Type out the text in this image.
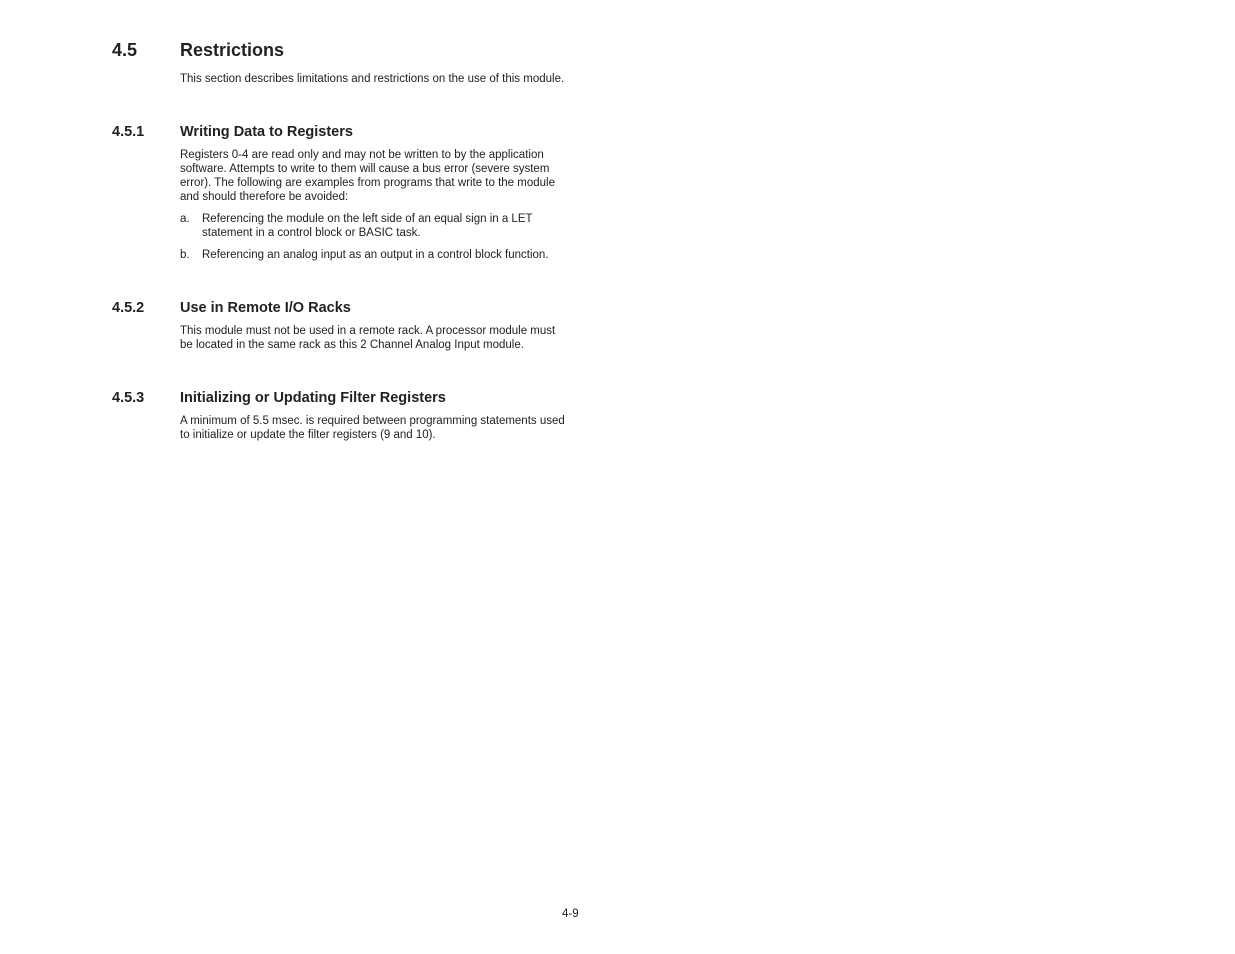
4.5 Restrictions
This section describes limitations and restrictions on the use of this module.
4.5.1 Writing Data to Registers
Registers 0-4 are read only and may not be written to by the application software. Attempts to write to them will cause a bus error (severe system error). The following are examples from programs that write to the module and should therefore be avoided:
a. Referencing the module on the left side of an equal sign in a LET statement in a control block or BASIC task.
b. Referencing an analog input as an output in a control block function.
4.5.2 Use in Remote I/O Racks
This module must not be used in a remote rack. A processor module must be located in the same rack as this 2 Channel Analog Input module.
4.5.3 Initializing or Updating Filter Registers
A minimum of 5.5 msec. is required between programming statements used to initialize or update the filter registers (9 and 10).
4-9
